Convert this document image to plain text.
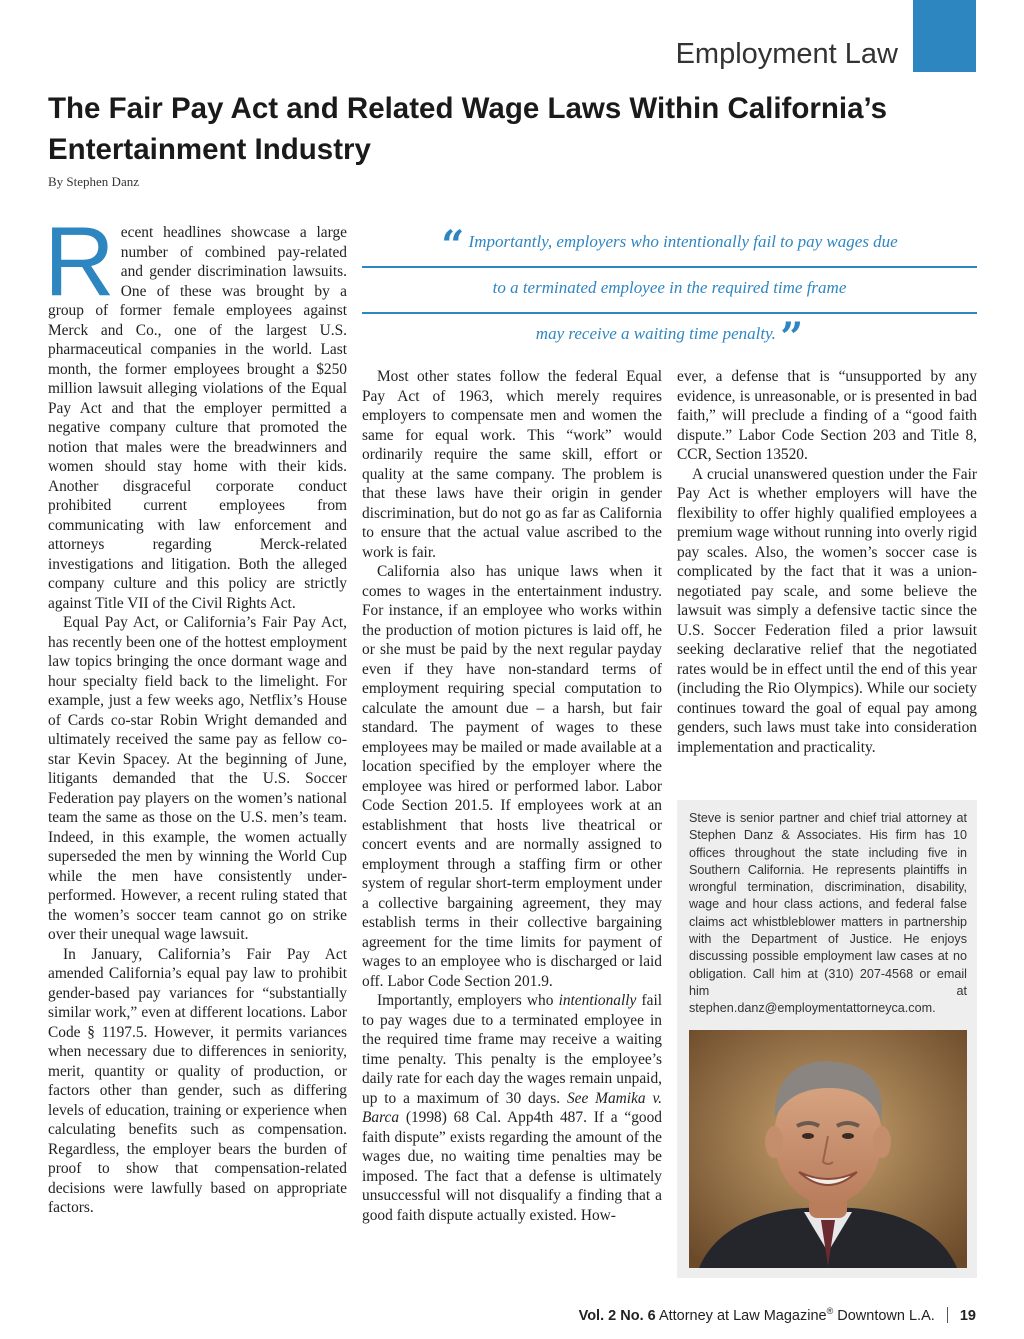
Employment Law
The Fair Pay Act and Related Wage Laws Within California’s Entertainment Industry
By Stephen Danz

Recent headlines showcase a large number of combined pay-related and gender discrimination lawsuits. One of these was brought by a group of former female employees against Merck and Co., one of the largest U.S. pharmaceutical companies in the world. Last month, the former employees brought a $250 million lawsuit alleging violations of the Equal Pay Act and that the employer permitted a negative company culture that promoted the notion that males were the breadwinners and women should stay home with their kids. Another disgraceful corporate conduct prohibited current employees from communicating with law enforcement and attorneys regarding Merck-related investigations and litigation. Both the alleged company culture and this policy are strictly against Title VII of the Civil Rights Act.

Equal Pay Act, or California’s Fair Pay Act, has recently been one of the hottest employment law topics bringing the once dormant wage and hour specialty field back to the limelight. For example, just a few weeks ago, Netflix’s House of Cards co-star Robin Wright demanded and ultimately received the same pay as fellow co-star Kevin Spacey. At the beginning of June, litigants demanded that the U.S. Soccer Federation pay players on the women’s national team the same as those on the U.S. men’s team. Indeed, in this example, the women actually superseded the men by winning the World Cup while the men have consistently under-performed. However, a recent ruling stated that the women’s soccer team cannot go on strike over their unequal wage lawsuit.

In January, California’s Fair Pay Act amended California’s equal pay law to prohibit gender-based pay variances for “substantially similar work,” even at different locations. Labor Code § 1197.5. However, it permits variances when necessary due to differences in seniority, merit, quantity or quality of production, or factors other than gender, such as differing levels of education, training or experience when calculating benefits such as compensation. Regardless, the employer bears the burden of proof to show that compensation-related decisions were lawfully based on appropriate factors.

“ Importantly, employers who intentionally fail to pay wages due
to a terminated employee in the required time frame
may receive a waiting time penalty. ”

Most other states follow the federal Equal Pay Act of 1963, which merely requires employers to compensate men and women the same for equal work. This “work” would ordinarily require the same skill, effort or quality at the same company. The problem is that these laws have their origin in gender discrimination, but do not go as far as California to ensure that the actual value ascribed to the work is fair.

California also has unique laws when it comes to wages in the entertainment industry. For instance, if an employee who works within the production of motion pictures is laid off, he or she must be paid by the next regular payday even if they have non-standard terms of employment requiring special computation to calculate the amount due – a harsh, but fair standard. The payment of wages to these employees may be mailed or made available at a location specified by the employer where the employee was hired or performed labor. Labor Code Section 201.5. If employees work at an establishment that hosts live theatrical or concert events and are normally assigned to employment through a staffing firm or other system of regular short-term employment under a collective bargaining agreement, they may establish terms in their collective bargaining agreement for the time limits for payment of wages to an employee who is discharged or laid off. Labor Code Section 201.9.

Importantly, employers who intentionally fail to pay wages due to a terminated employee in the required time frame may receive a waiting time penalty. This penalty is the employee’s daily rate for each day the wages remain unpaid, up to a maximum of 30 days. See Mamika v. Barca (1998) 68 Cal. App4th 487. If a “good faith dispute” exists regarding the amount of the wages due, no waiting time penalties may be imposed. The fact that a defense is ultimately unsuccessful will not disqualify a finding that a good faith dispute actually existed. How-

ever, a defense that is “unsupported by any evidence, is unreasonable, or is presented in bad faith,” will preclude a finding of a “good faith dispute.” Labor Code Section 203 and Title 8, CCR, Section 13520.

A crucial unanswered question under the Fair Pay Act is whether employers will have the flexibility to offer highly qualified employees a premium wage without running into overly rigid pay scales. Also, the women’s soccer case is complicated by the fact that it was a union-negotiated pay scale, and some believe the lawsuit was simply a defensive tactic since the U.S. Soccer Federation filed a prior lawsuit seeking declarative relief that the negotiated rates would be in effect until the end of this year (including the Rio Olympics). While our society continues toward the goal of equal pay among genders, such laws must take into consideration implementation and practicality.

Steve is senior partner and chief trial attorney at Stephen Danz & Associates. His firm has 10 offices throughout the state including five in Southern California. He represents plaintiffs in wrongful termination, discrimination, disability, wage and hour class actions, and federal false claims act whistbleblower matters in partnership with the Department of Justice. He enjoys discussing possible employment law cases at no obligation. Call him at (310) 207-4568 or email him at stephen.danz@employmentattorneyca.com.
Vol. 2 No. 6 Attorney at Law Magazine® Downtown L.A. 19
